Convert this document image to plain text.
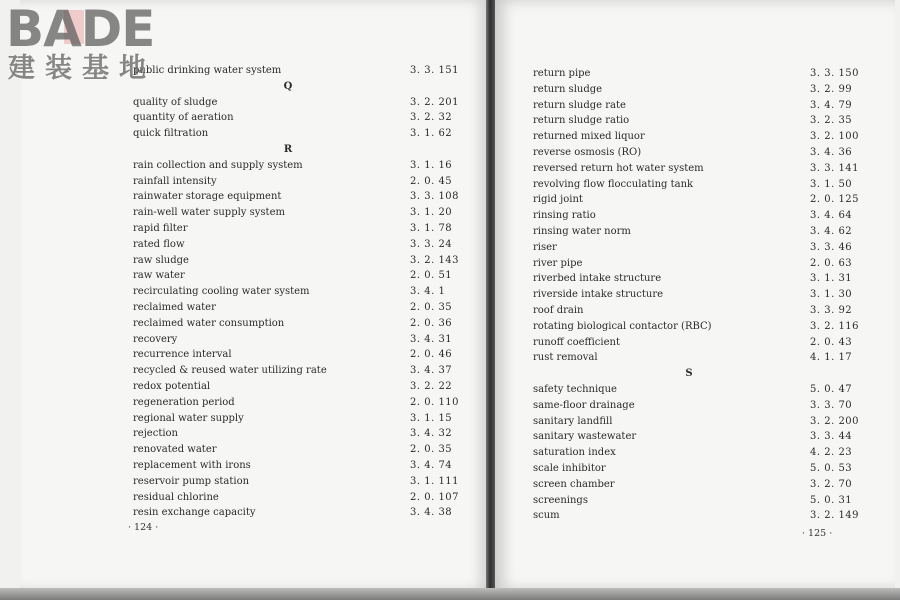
public drinking water system	3. 3. 151
Q
quality of sludge	3. 2. 201
quantity of aeration	3. 2. 32
quick filtration	3. 1. 62
R
rain collection and supply system	3. 1. 16
rainfall intensity	2. 0. 45
rainwater storage equipment	3. 3. 108
rain-well water supply system	3. 1. 20
rapid filter	3. 1. 78
rated flow	3. 3. 24
raw sludge	3. 2. 143
raw water	2. 0. 51
recirculating cooling water system	3. 4. 1
reclaimed water	2. 0. 35
reclaimed water consumption	2. 0. 36
recovery	3. 4. 31
recurrence interval	2. 0. 46
recycled & reused water utilizing rate	3. 4. 37
redox potential	3. 2. 22
regeneration period	2. 0. 110
regional water supply	3. 1. 15
rejection	3. 4. 32
renovated water	2. 0. 35
replacement with irons	3. 4. 74
reservoir pump station	3. 1. 111
residual chlorine	2. 0. 107
resin exchange capacity	3. 4. 38
return pipe	3. 3. 150
return sludge	3. 2. 99
return sludge rate	3. 4. 79
return sludge ratio	3. 2. 35
returned mixed liquor	3. 2. 100
reverse osmosis (RO)	3. 4. 36
reversed return hot water system	3. 3. 141
revolving flow flocculating tank	3. 1. 50
rigid joint	2. 0. 125
rinsing ratio	3. 4. 64
rinsing water norm	3. 4. 62
riser	3. 3. 46
river pipe	2. 0. 63
riverbed intake structure	3. 1. 31
riverside intake structure	3. 1. 30
roof drain	3. 3. 92
rotating biological contactor (RBC)	3. 2. 116
runoff coefficient	2. 0. 43
rust removal	4. 1. 17
S
safety technique	5. 0. 47
same-floor drainage	3. 3. 70
sanitary landfill	3. 2. 200
sanitary wastewater	3. 3. 44
saturation index	4. 2. 23
scale inhibitor	5. 0. 53
screen chamber	3. 2. 70
screenings	5. 0. 31
scum	3. 2. 149
· 124 ·
· 125 ·
BADE
建装基地
